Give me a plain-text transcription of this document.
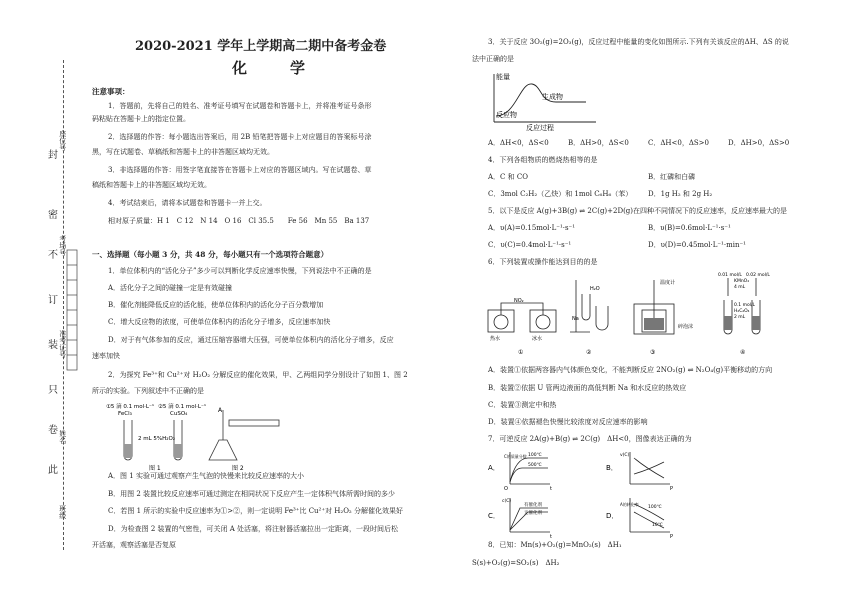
封
密
不
订
装
只
卷
此
座位号
考场号
准考证号
姓名
班级
2020-2021 学年上学期高二期中备考金卷
化　学
注意事项：
1．答题前，先将自己的姓名、准考证号填写在试题卷和答题卡上，并将准考证号条形
码粘贴在答题卡上的指定位置。
2．选择题的作答：每小题选出答案后，用 2B 铅笔把答题卡上对应题目的答案标号涂
黑，写在试题卷、草稿纸和答题卡上的非答题区域均无效。
3．非选择题的作答：用签字笔直接答在答题卡上对应的答题区域内。写在试题卷、草
稿纸和答题卡上的非答题区域均无效。
4．考试结束后，请将本试题卷和答题卡一并上交。
相对原子质量：H 1　C 12　N 14　O 16　Cl 35.5　　Fe 56　Mn 55　Ba 137
一、选择题（每小题 3 分，共 48 分，每小题只有一个选项符合题意）
1．单位体积内的“活化分子”多少可以判断化学反应速率快慢，下列说法中不正确的是
A．活化分子之间的碰撞一定是有效碰撞
B．催化剂能降低反应的活化能，使单位体积内的活化分子百分数增加
C．增大反应物的浓度，可使单位体积内的活化分子增多，反应速率加快
D．对于有气体参加的反应，通过压缩容器增大压强，可使单位体积内的活化分子增多，反应
速率加快
2．为探究 Fe³⁺和 Cu²⁺对 H₂O₂ 分解反应的催化效果，甲、乙两组同学分别设计了如图 1、图 2
所示的实验。下列叙述中不正确的是
①5 滴 0.1 mol·L⁻¹
FeCl₃
②5 滴 0.1 mol·L⁻¹
CuSO₄
2 mL 5%H₂O₂
A
图 1	图 2
A．图 1 实验可通过观察产生气泡的快慢来比较反应速率的大小
B．用图 2 装置比较反应速率可通过测定在相同状况下反应产生一定体积气体所需时间的多少
C．若图 1 所示的实验中反应速率为①>②，则一定说明 Fe³⁺比 Cu²⁺对 H₂O₂ 分解催化效果好
D．为检查图 2 装置的气密性，可关闭 A 处活塞，将注射器活塞拉出一定距离，一段时间后松
开活塞，观察活塞是否复原
3．关于反应 3O₂(g)=2O₃(g)，反应过程中能量的变化如图所示.下列有关该反应的ΔH、ΔS 的说
法中正确的是
能量
生成物
反应物
反应过程
A．ΔH<0，ΔS<0	B．ΔH>0，ΔS<0	C．ΔH<0，ΔS>0	D．ΔH>0，ΔS>0
4．下列各组物质的燃烧热相等的是
A．C 和 CO	B．红磷和白磷
C．3mol C₂H₂（乙炔）和 1mol C₆H₆（苯） D．1g H₂ 和 2g H₂
5．以下是反应 A(g)+3B(g) ⇌ 2C(g)+2D(g)在四种不同情况下的反应速率，反应速率最大的是
A．υ(A)=0.15mol·L⁻¹·s⁻¹	B．υ(B)=0.6mol·L⁻¹·s⁻¹
C．υ(C)=0.4mol·L⁻¹·s⁻¹	D．υ(D)=0.45mol·L⁻¹·min⁻¹
6．下列装置或操作能达到目的的是
NO₂
热水	冰水
H₂O
Na
温度计
碎泡沫
0.01 mol/L
KMnO₄
4 mL
0.02 mol/L
0.1 mol/L
H₂C₂O₄
2 mL
①	②	③	④
A．装置①依据两容器内气体颜色变化，不能判断反应 2NO₂(g) ⇌ N₂O₄(g)平衡移动的方向
B．装置②依据 U 管两边液面的高低判断 Na 和水反应的热效应
C．装置③测定中和热
D．装置④依据褪色快慢比较浓度对反应速率的影响
7．可逆反应 2A(g)+B(g) ⇌ 2C(g)　ΔH<0，图像表达正确的为
A．	B．
C．	D．
C的质量分数 100℃
500℃
v(C)
c(C)
有催化剂
无催化剂
A的转化率
100℃
10℃
O	t	P
t	P
8．已知：Mn(s)+O₂(g)=MnO₂(s)　ΔH₁
S(s)+O₂(g)=SO₂(s)　ΔH₂
